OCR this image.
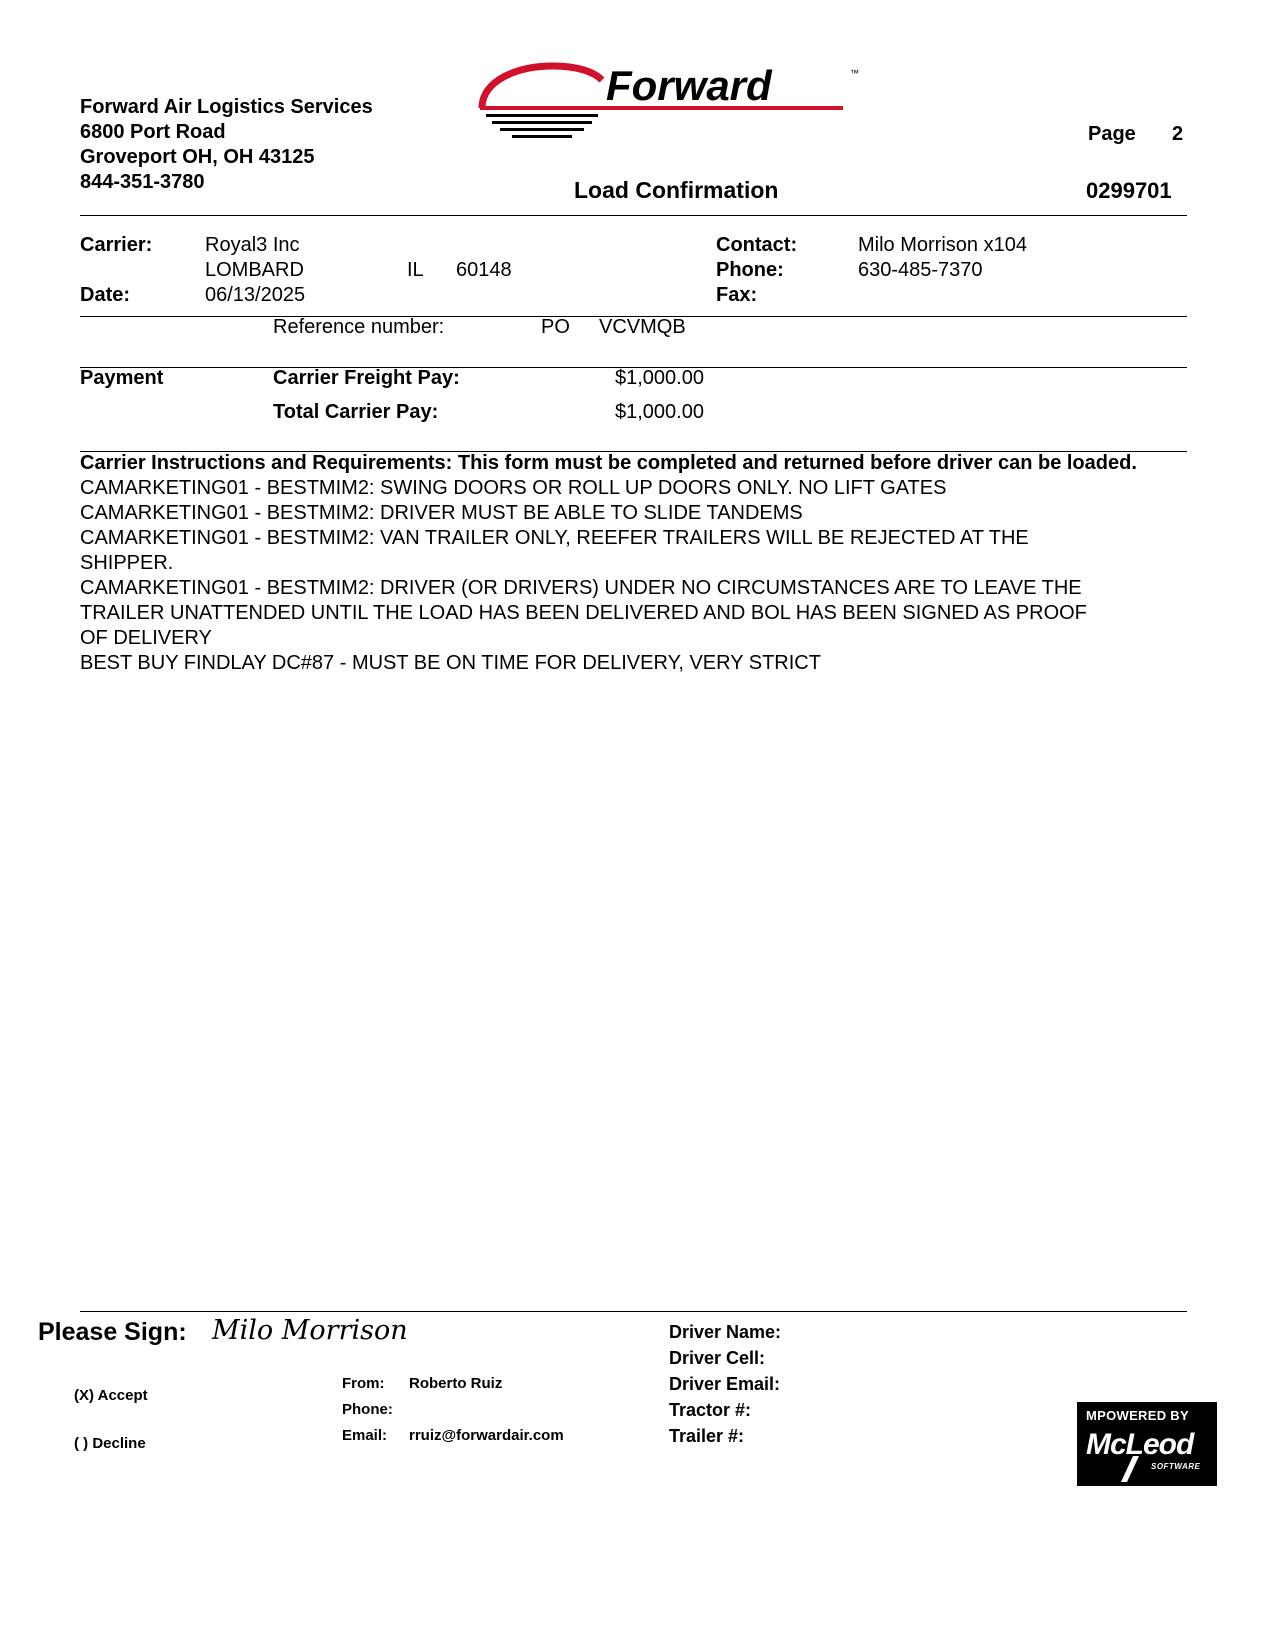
Forward Air Logistics Services
6800 Port Road
Groveport OH, OH 43125
844-351-3780
Forward	™
Page 2
Load Confirmation	0299701
Carrier:	Royal3 Inc
LOMBARD	IL 60148
Date:	06/13/2025
Contact:	Milo Morrison x104
Phone:	630-485-7370
Fax:
Reference number:	PO VCVMQB
Payment	Carrier Freight Pay:	$1,000.00
Total Carrier Pay:	$1,000.00
Carrier Instructions and Requirements: This form must be completed and returned before driver can be loaded.
CAMARKETING01 - BESTMIM2: SWING DOORS OR ROLL UP DOORS ONLY. NO LIFT GATES
CAMARKETING01 - BESTMIM2: DRIVER MUST BE ABLE TO SLIDE TANDEMS
CAMARKETING01 - BESTMIM2: VAN TRAILER ONLY, REEFER TRAILERS WILL BE REJECTED AT THE
SHIPPER.
CAMARKETING01 - BESTMIM2: DRIVER (OR DRIVERS) UNDER NO CIRCUMSTANCES ARE TO LEAVE THE
TRAILER UNATTENDED UNTIL THE LOAD HAS BEEN DELIVERED AND BOL HAS BEEN SIGNED AS PROOF
OF DELIVERY
BEST BUY FINDLAY DC#87 - MUST BE ON TIME FOR DELIVERY, VERY STRICT
Please Sign: Milo Morrison
(X) Accept
( ) Decline
From: Roberto Ruiz
Phone:
Email: rruiz@forwardair.com
Driver Name:
Driver Cell:
Driver Email:
Tractor #:
Trailer #:
MPOWERED BY
McLeod
SOFTWARE
